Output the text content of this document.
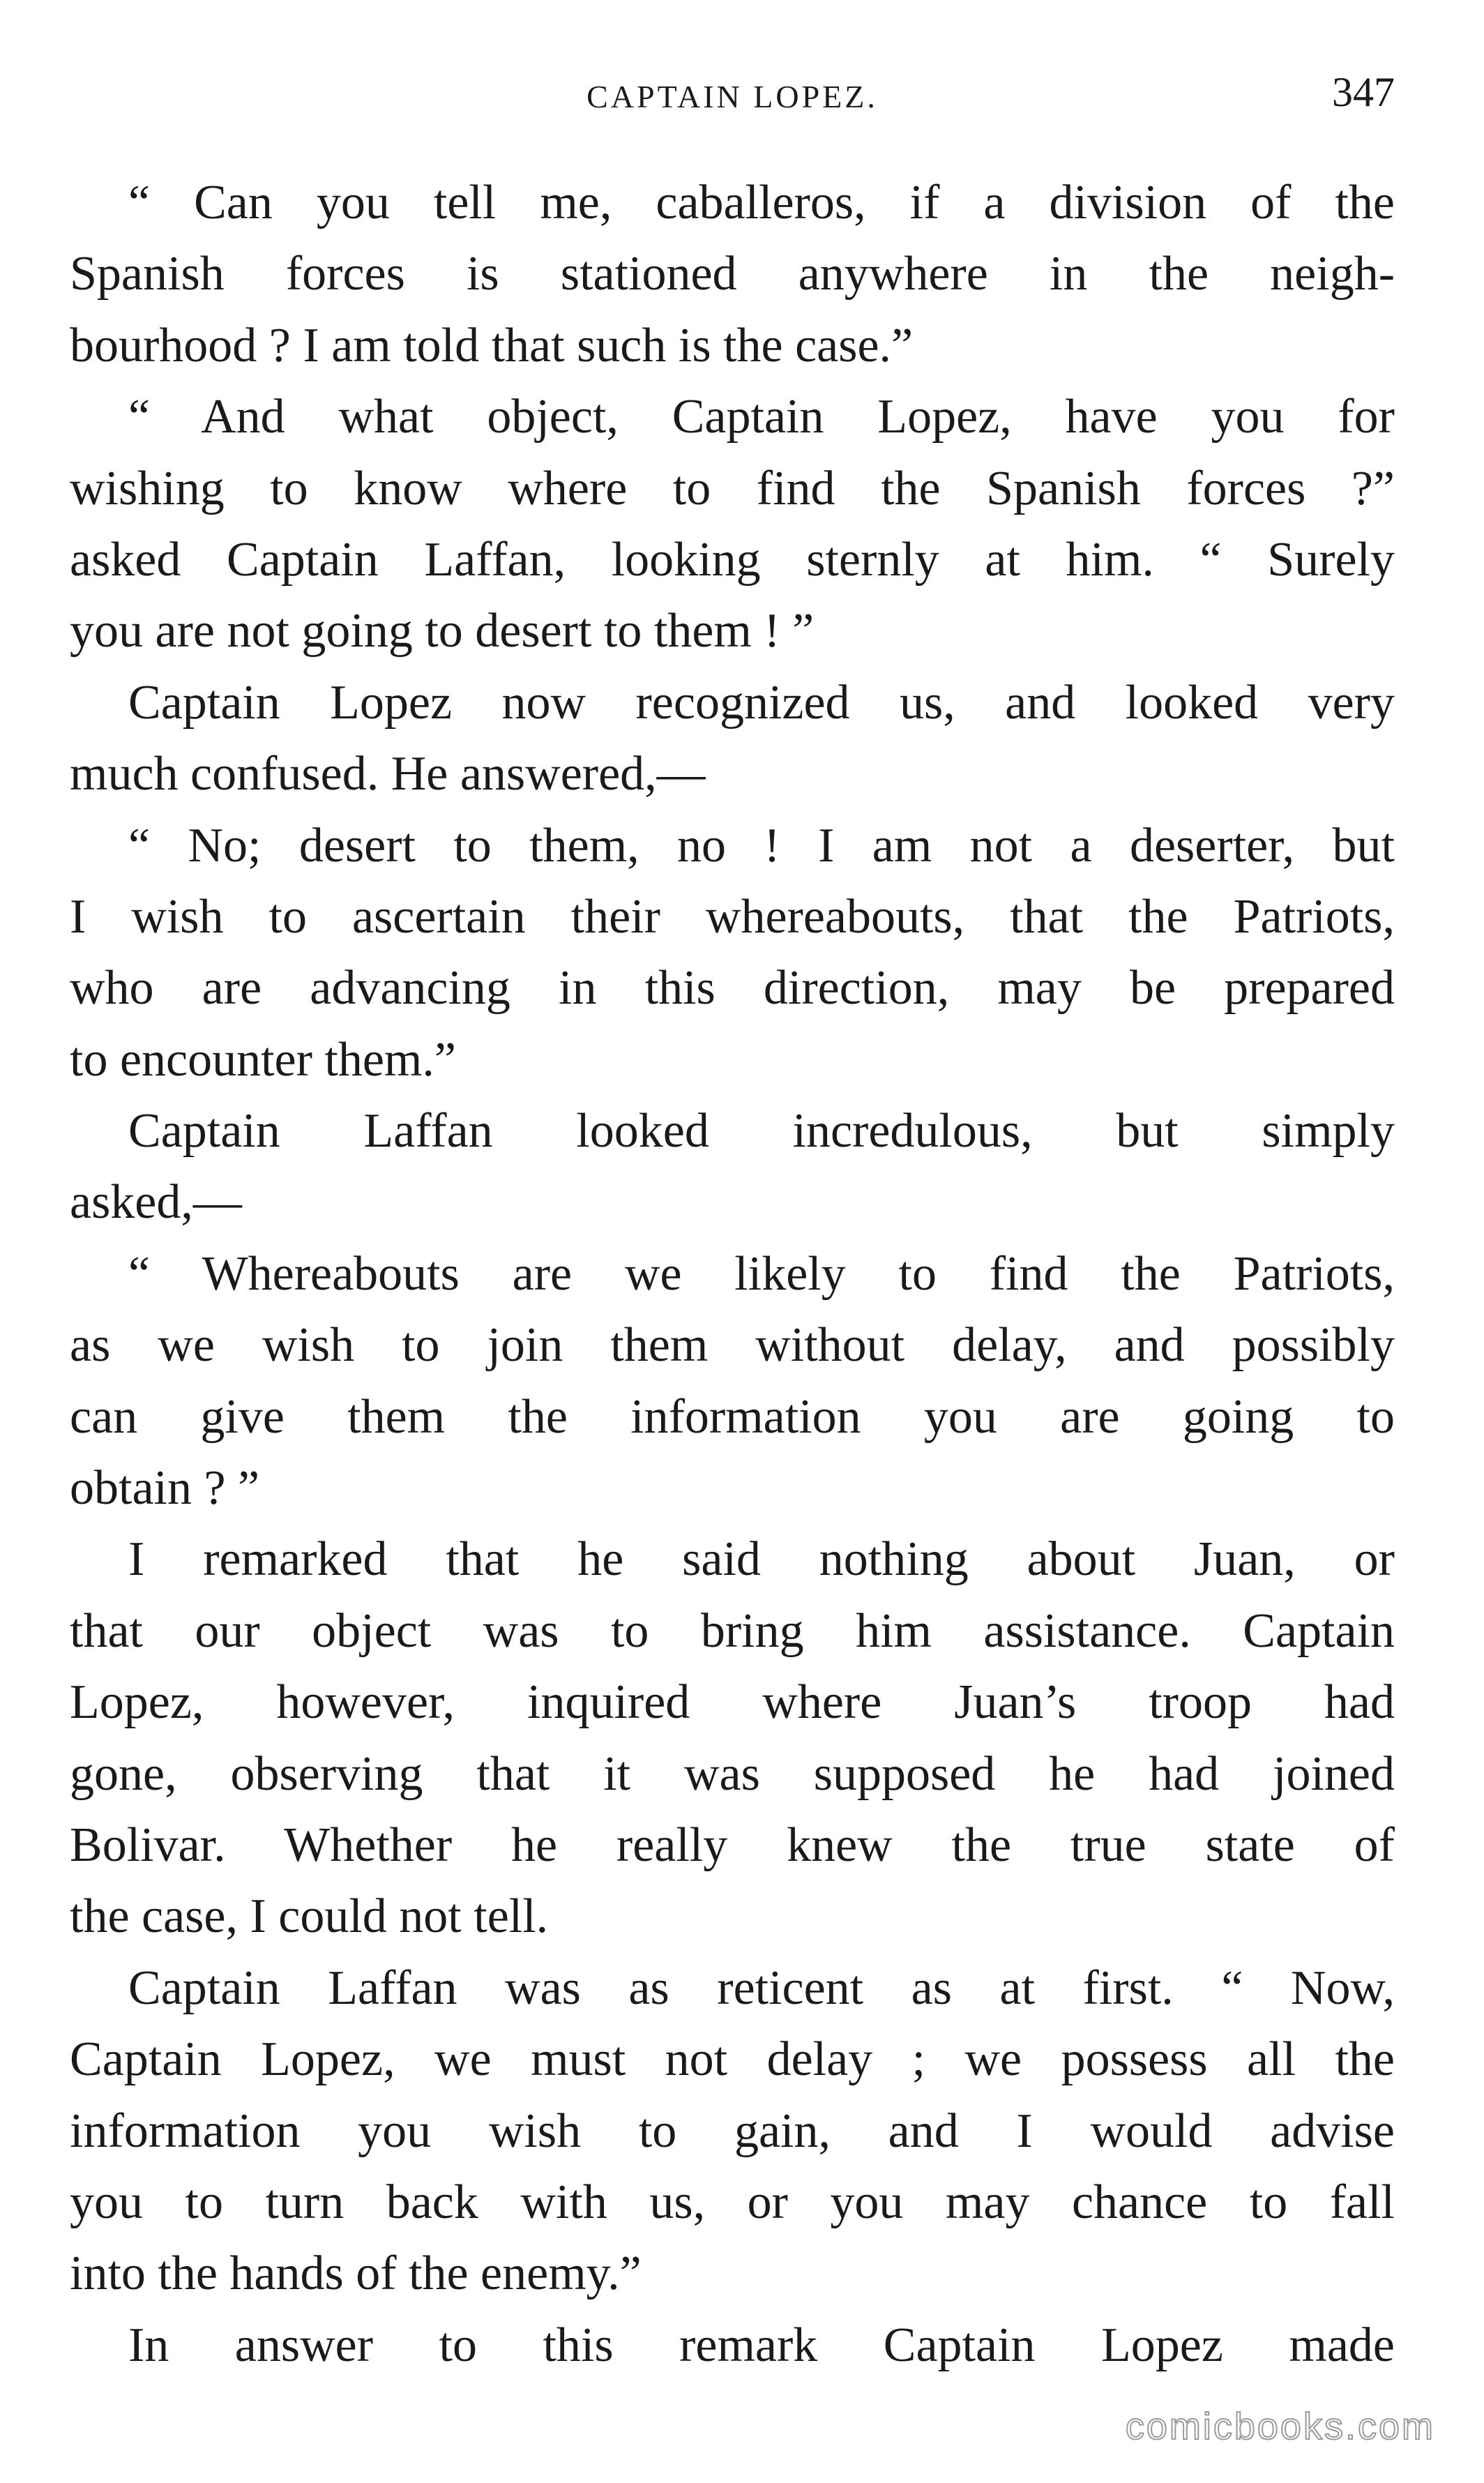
CAPTAIN LOPEZ.	347
“ Can you tell me, caballeros, if a division of the
Spanish forces is stationed anywhere in the neigh-
bourhood ? I am told that such is the case.”
“ And what object, Captain Lopez, have you for
wishing to know where to find the Spanish forces ?”
asked Captain Laffan, looking sternly at him. “ Surely
you are not going to desert to them ! ”
Captain Lopez now recognized us, and looked very
much confused. He answered,—
“ No; desert to them, no ! I am not a deserter, but
I wish to ascertain their whereabouts, that the Patriots,
who are advancing in this direction, may be prepared
to encounter them.”
Captain Laffan looked incredulous, but simply
asked,—
“ Whereabouts are we likely to find the Patriots,
as we wish to join them without delay, and possibly
can give them the information you are going to
obtain ? ”
I remarked that he said nothing about Juan, or
that our object was to bring him assistance. Captain
Lopez, however, inquired where Juan’s troop had
gone, observing that it was supposed he had joined
Bolivar. Whether he really knew the true state of
the case, I could not tell.
Captain Laffan was as reticent as at first. “ Now,
Captain Lopez, we must not delay ; we possess all the
information you wish to gain, and I would advise
you to turn back with us, or you may chance to fall
into the hands of the enemy.”
In answer to this remark Captain Lopez made
comicbooks.com
